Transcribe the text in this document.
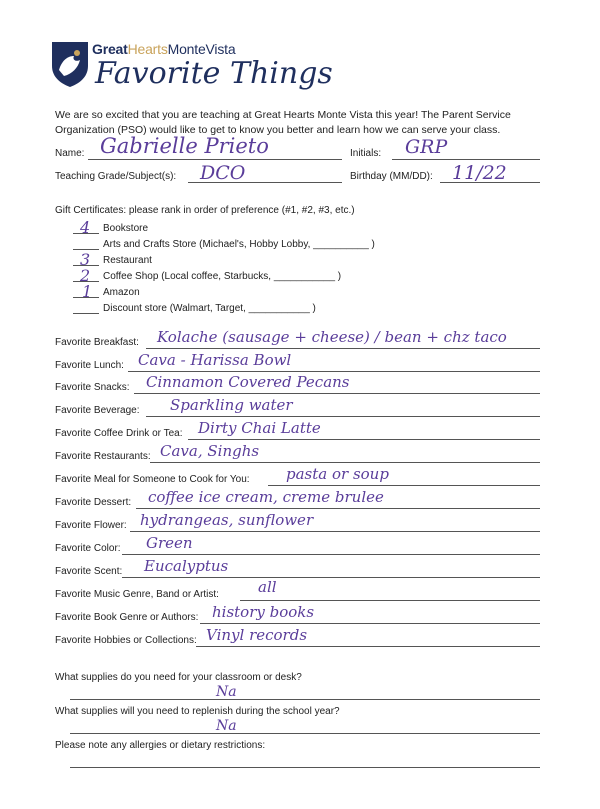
GreatHeartsMonteVista
Favorite Things
We are so excited that you are teaching at Great Hearts Monte Vista this year! The Parent Service Organization (PSO) would like to get to know you better and learn how we can serve your class.
Name: Gabrielle Prieto	Initials: GRP
Teaching Grade/Subject(s): DCO	Birthday (MM/DD): 11/22
Gift Certificates: please rank in order of preference (#1, #2, #3, etc.)
4 Bookstore
Arts and Crafts Store (Michael's, Hobby Lobby, __________ )
3 Restaurant
2 Coffee Shop (Local coffee, Starbucks, ___________ )
1 Amazon
Discount store (Walmart, Target, ___________ )
Favorite Breakfast: Kolache (sausage + cheese) / bean + chz taco
Favorite Lunch: Cava - Harissa Bowl
Favorite Snacks: Cinnamon Covered Pecans
Favorite Beverage: Sparkling water
Favorite Coffee Drink or Tea: Dirty Chai Latte
Favorite Restaurants: Cava, Singhs
Favorite Meal for Someone to Cook for You: pasta or soup
Favorite Dessert: coffee ice cream, creme brulee
Favorite Flower: hydrangeas, sunflower
Favorite Color: Green
Favorite Scent: Eucalyptus
Favorite Music Genre, Band or Artist:	all
Favorite Book Genre or Authors: history books
Favorite Hobbies or Collections: Vinyl records
What supplies do you need for your classroom or desk?
Na
What supplies will you need to replenish during the school year?
Na
Please note any allergies or dietary restrictions:
